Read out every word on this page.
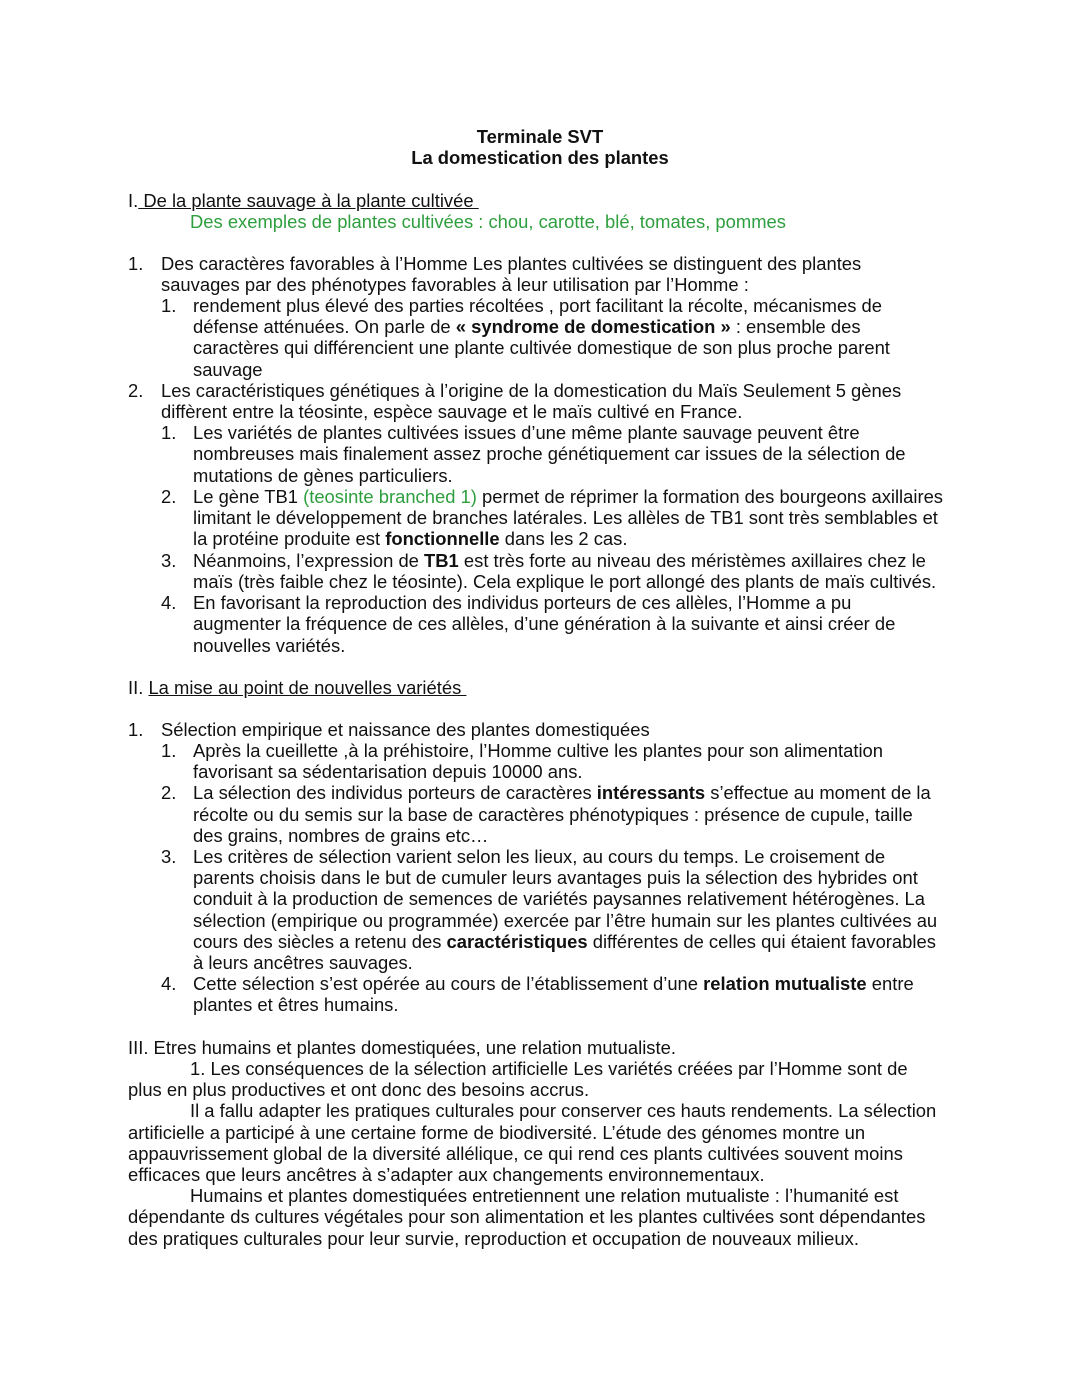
Terminale SVT
La domestication des plantes
I. De la plante sauvage à la plante cultivée
Des exemples de plantes cultivées : chou, carotte, blé, tomates, pommes
1. Des caractères favorables à l’Homme Les plantes cultivées se distinguent des plantes
sauvages par des phénotypes favorables à leur utilisation par l’Homme :
1. rendement plus élevé des parties récoltées , port facilitant la récolte, mécanismes de
défense atténuées. On parle de « syndrome de domestication » : ensemble des
caractères qui différencient une plante cultivée domestique de son plus proche parent
sauvage
2. Les caractéristiques génétiques à l’origine de la domestication du Maïs Seulement 5 gènes
diffèrent entre la téosinte, espèce sauvage et le maïs cultivé en France.
1. Les variétés de plantes cultivées issues d’une même plante sauvage peuvent être
nombreuses mais finalement assez proche génétiquement car issues de la sélection de
mutations de gènes particuliers.
2. Le gène TB1 (teosinte branched 1) permet de réprimer la formation des bourgeons axillaires
limitant le développement de branches latérales. Les allèles de TB1 sont très semblables et
la protéine produite est fonctionnelle dans les 2 cas.
3. Néanmoins, l’expression de TB1 est très forte au niveau des méristèmes axillaires chez le
maïs (très faible chez le téosinte). Cela explique le port allongé des plants de maïs cultivés.
4. En favorisant la reproduction des individus porteurs de ces allèles, l’Homme a pu
augmenter la fréquence de ces allèles, d’une génération à la suivante et ainsi créer de
nouvelles variétés.
II. La mise au point de nouvelles variétés
1. Sélection empirique et naissance des plantes domestiquées
1. Après la cueillette ,à la préhistoire, l’Homme cultive les plantes pour son alimentation
favorisant sa sédentarisation depuis 10000 ans.
2. La sélection des individus porteurs de caractères intéressants s’effectue au moment de la
récolte ou du semis sur la base de caractères phénotypiques : présence de cupule, taille
des grains, nombres de grains etc…
3. Les critères de sélection varient selon les lieux, au cours du temps. Le croisement de
parents choisis dans le but de cumuler leurs avantages puis la sélection des hybrides ont
conduit à la production de semences de variétés paysannes relativement hétérogènes. La
sélection (empirique ou programmée) exercée par l’être humain sur les plantes cultivées au
cours des siècles a retenu des caractéristiques différentes de celles qui étaient favorables
à leurs ancêtres sauvages.
4. Cette sélection s’est opérée au cours de l’établissement d’une relation mutualiste entre
plantes et êtres humains.
III. Etres humains et plantes domestiquées, une relation mutualiste.
1. Les conséquences de la sélection artificielle Les variétés créées par l’Homme sont de
plus en plus productives et ont donc des besoins accrus.
Il a fallu adapter les pratiques culturales pour conserver ces hauts rendements. La sélection
artificielle a participé à une certaine forme de biodiversité. L’étude des génomes montre un
appauvrissement global de la diversité allélique, ce qui rend ces plants cultivées souvent moins
efficaces que leurs ancêtres à s’adapter aux changements environnementaux.
Humains et plantes domestiquées entretiennent une relation mutualiste : l’humanité est
dépendante ds cultures végétales pour son alimentation et les plantes cultivées sont dépendantes
des pratiques culturales pour leur survie, reproduction et occupation de nouveaux milieux.
